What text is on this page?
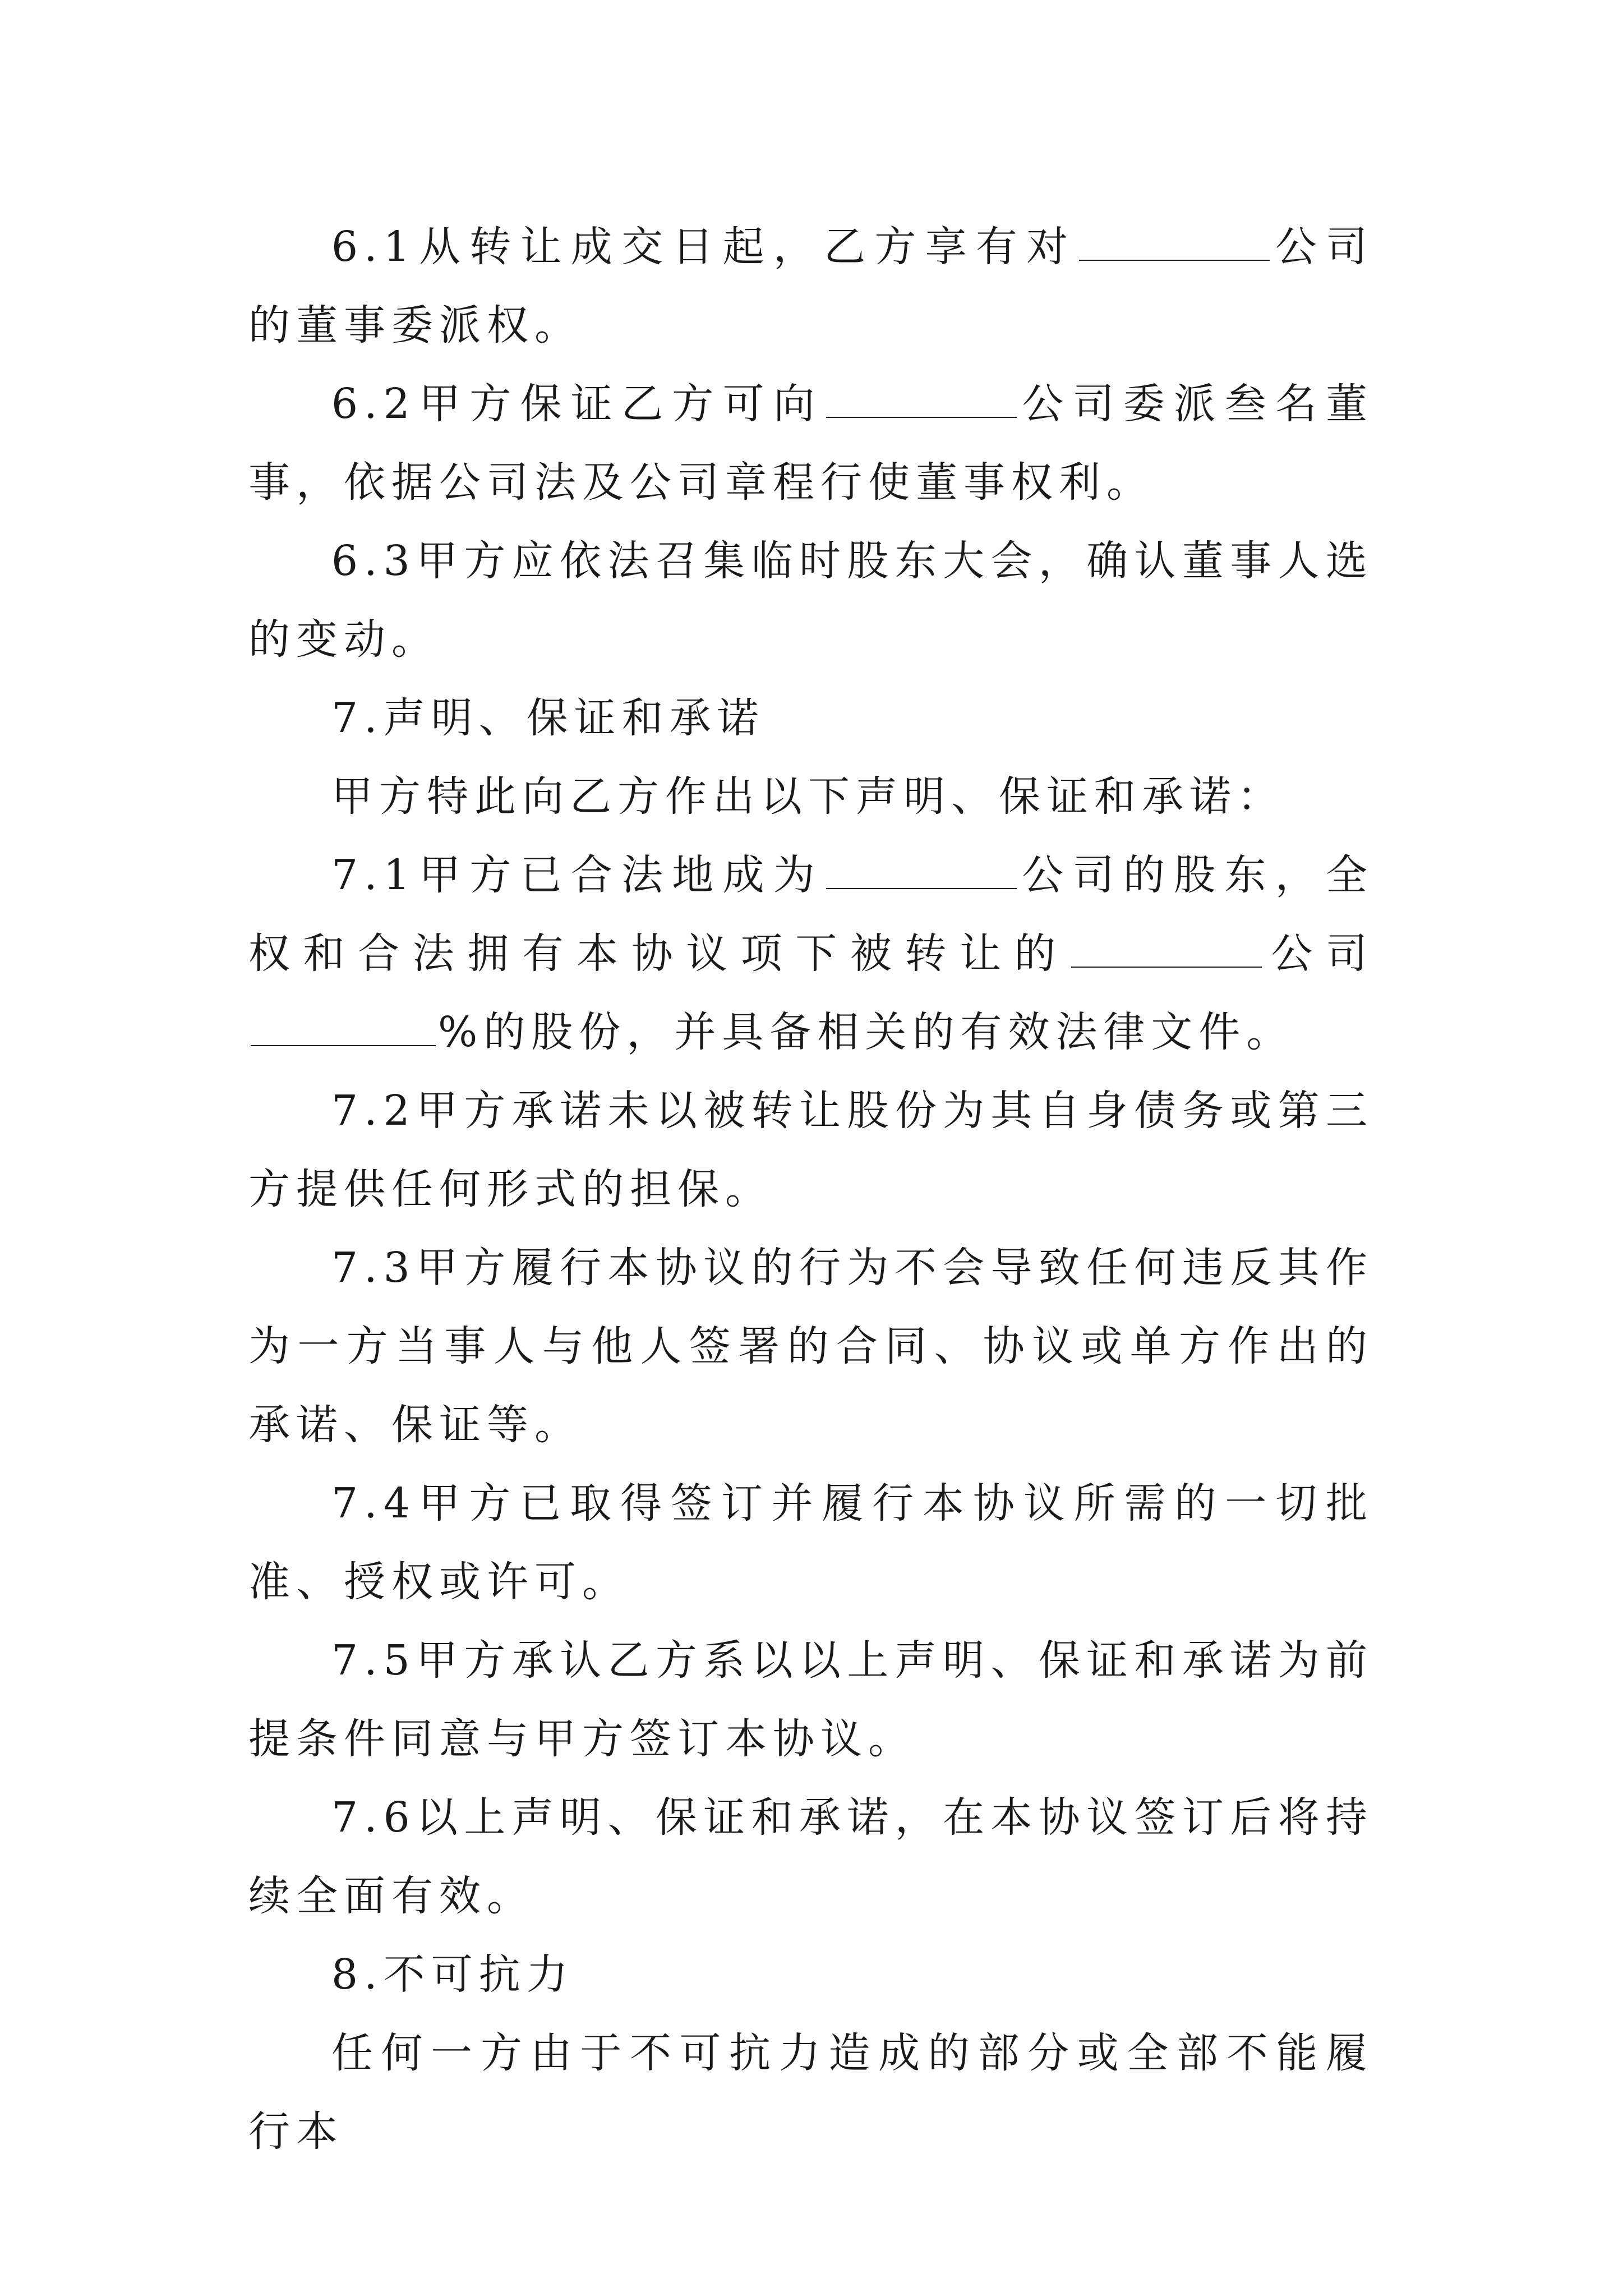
6.1从转让成交日起，乙方享有对	公司的董事委派权。

6.2甲方保证乙方可向	公司委派叁名董事，依据公司法及公司章程行使董事权利。

6.3甲方应依法召集临时股东大会，确认董事人选的变动。

7.声明、保证和承诺

甲方特此向乙方作出以下声明、保证和承诺：

7.1甲方已合法地成为	公司的股东，全权和合法拥有本协议项下被转让的	公司%的股份，并具备相关的有效法律文件。

7.2甲方承诺未以被转让股份为其自身债务或第三方提供任何形式的担保。

7.3甲方履行本协议的行为不会导致任何违反其作为一方当事人与他人签署的合同、协议或单方作出的承诺、保证等。

7.4甲方已取得签订并履行本协议所需的一切批准、授权或许可。

7.5甲方承认乙方系以以上声明、保证和承诺为前提条件同意与甲方签订本协议。

7.6以上声明、保证和承诺，在本协议签订后将持续全面有效。

8.不可抗力

任何一方由于不可抗力造成的部分或全部不能履行本
